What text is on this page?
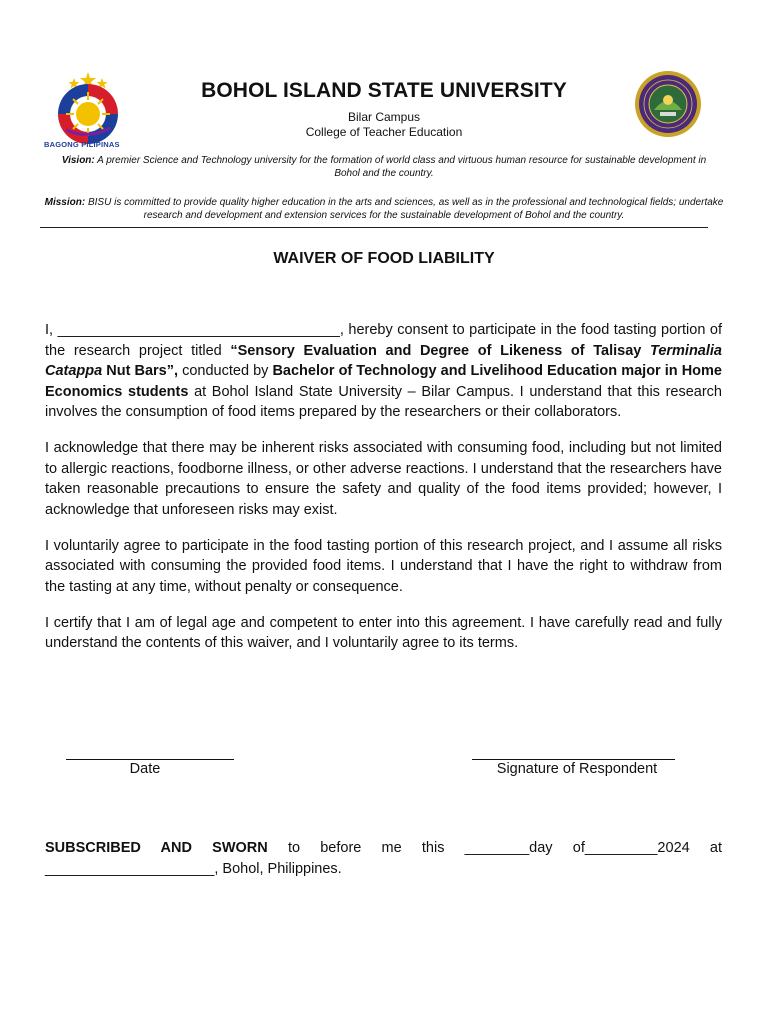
BAGONG PILIPINAS
BOHOL ISLAND STATE UNIVERSITY
Bilar Campus
College of Teacher Education
Vision: A premier Science and Technology university for the formation of world class and virtuous human resource for sustainable development in Bohol and the country.
Mission: BISU is committed to provide quality higher education in the arts and sciences, as well as in the professional and technological fields; undertake research and development and extension services for the sustainable development of Bohol and the country.
WAIVER OF FOOD LIABILITY

I, ___________________________________, hereby consent to participate in the food tasting portion of the research project titled “Sensory Evaluation and Degree of Likeness of Talisay Terminalia Catappa Nut Bars”, conducted by Bachelor of Technology and Livelihood Education major in Home Economics students at Bohol Island State University – Bilar Campus. I understand that this research involves the consumption of food items prepared by the researchers or their collaborators.

I acknowledge that there may be inherent risks associated with consuming food, including but not limited to allergic reactions, foodborne illness, or other adverse reactions. I understand that the researchers have taken reasonable precautions to ensure the safety and quality of the food items provided; however, I acknowledge that unforeseen risks may exist.

I voluntarily agree to participate in the food tasting portion of this research project, and I assume all risks associated with consuming the provided food items. I understand that I have the right to withdraw from the tasting at any time, without penalty or consequence.

I certify that I am of legal age and competent to enter into this agreement. I have carefully read and fully understand the contents of this waiver, and I voluntarily agree to its terms.

Date	Signature of Respondent
SUBSCRIBED AND SWORN to before me this ________day of_________2024 at _____________________, Bohol, Philippines.
